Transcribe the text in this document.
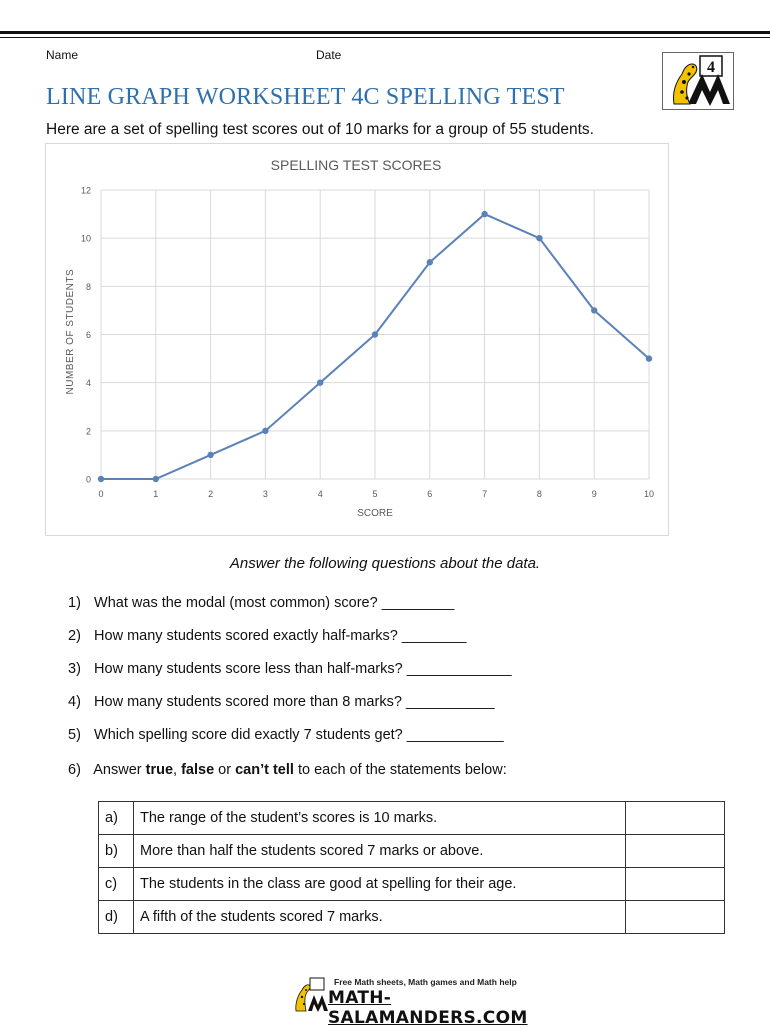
Name	Date
4
LINE GRAPH WORKSHEET 4C SPELLING TEST
Here are a set of spelling test scores out of 10 marks for a group of 55 students.
SPELLING TEST SCORES
0
2
4
6
8
10
12
0	1	2	3	4	5	6	7	8	9	10
NUMBER OF STUDENTS
SCORE
Answer the following questions about the data.
1) What was the modal (most common) score? _________
2) How many students scored exactly half-marks? ________
3) How many students score less than half-marks? _____________
4) How many students scored more than 8 marks? ___________
5) Which spelling score did exactly 7 students get? ____________
6) Answer true, false or can’t tell to each of the statements below:
a)	The range of the student’s scores is 10 marks.	
b)	More than half the students scored 7 marks or above.	
c)	The students in the class are good at spelling for their age.	
d)	A fifth of the students scored 7 marks.	
Free Math sheets, Math games and Math help
MATH-SALAMANDERS.COM
